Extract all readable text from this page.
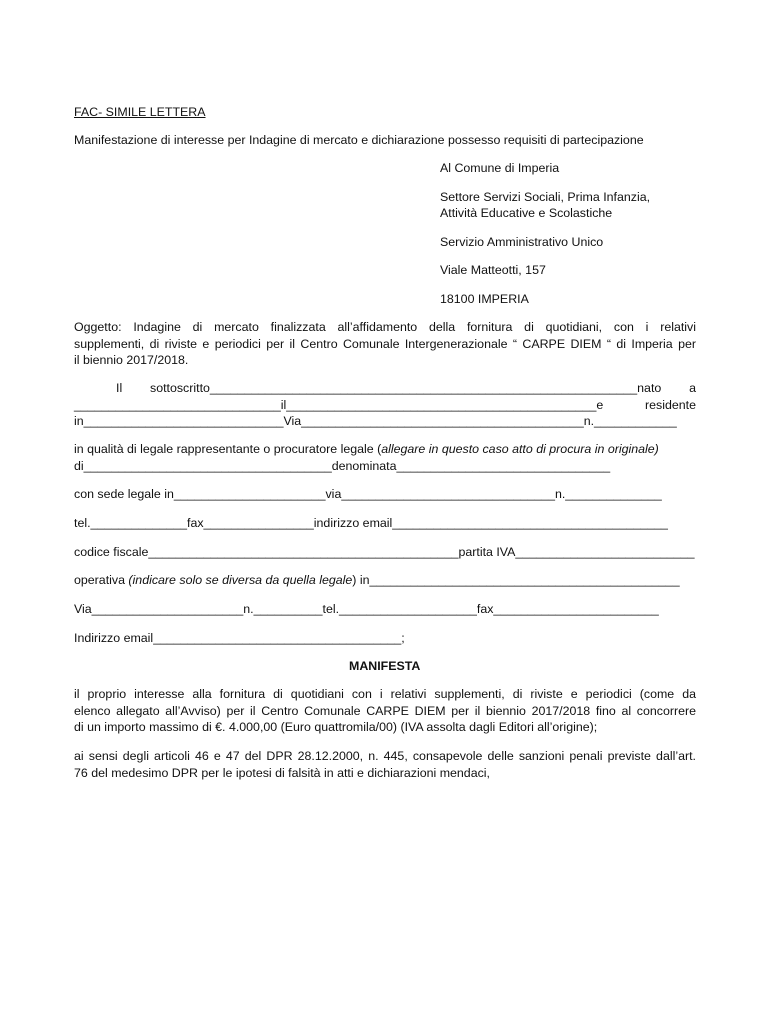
FAC- SIMILE LETTERA
Manifestazione di interesse per Indagine di mercato e dichiarazione possesso requisiti di partecipazione
Al Comune di Imperia
Settore Servizi Sociali, Prima Infanzia,
Attività Educative e Scolastiche
Servizio Amministrativo Unico
Viale Matteotti, 157
18100 IMPERIA
Oggetto: Indagine di mercato finalizzata all’affidamento della fornitura di quotidiani, con i relativi
supplementi, di riviste e periodici per il Centro Comunale Intergenerazionale “ CARPE DIEM “ di Imperia per
il biennio 2017/2018.
Il sottoscritto______________________________________________________________nato a
______________________________il_____________________________________________e	residente
in_____________________________Via_________________________________________n.____________
in qualità di legale rappresentante o procuratore legale (allegare in questo caso atto di procura in originale)
di____________________________________denominata_______________________________
con sede legale in______________________via_______________________________n.______________
tel.______________fax________________indirizzo email________________________________________
codice fiscale_____________________________________________partita IVA__________________________
operativa (indicare solo se diversa da quella legale) in_____________________________________________
Via______________________n.__________tel.____________________fax________________________
Indirizzo email____________________________________;
MANIFESTA
il proprio interesse alla fornitura di quotidiani con i relativi supplementi, di riviste e periodici (come da
elenco allegato all’Avviso) per il Centro Comunale CARPE DIEM per il biennio 2017/2018 fino al concorrere
di un importo massimo di €. 4.000,00 (Euro quattromila/00) (IVA assolta dagli Editori all’origine);
ai sensi degli articoli 46 e 47 del DPR 28.12.2000, n. 445, consapevole delle sanzioni penali previste dall’art.
76 del medesimo DPR per le ipotesi di falsità in atti e dichiarazioni mendaci,
